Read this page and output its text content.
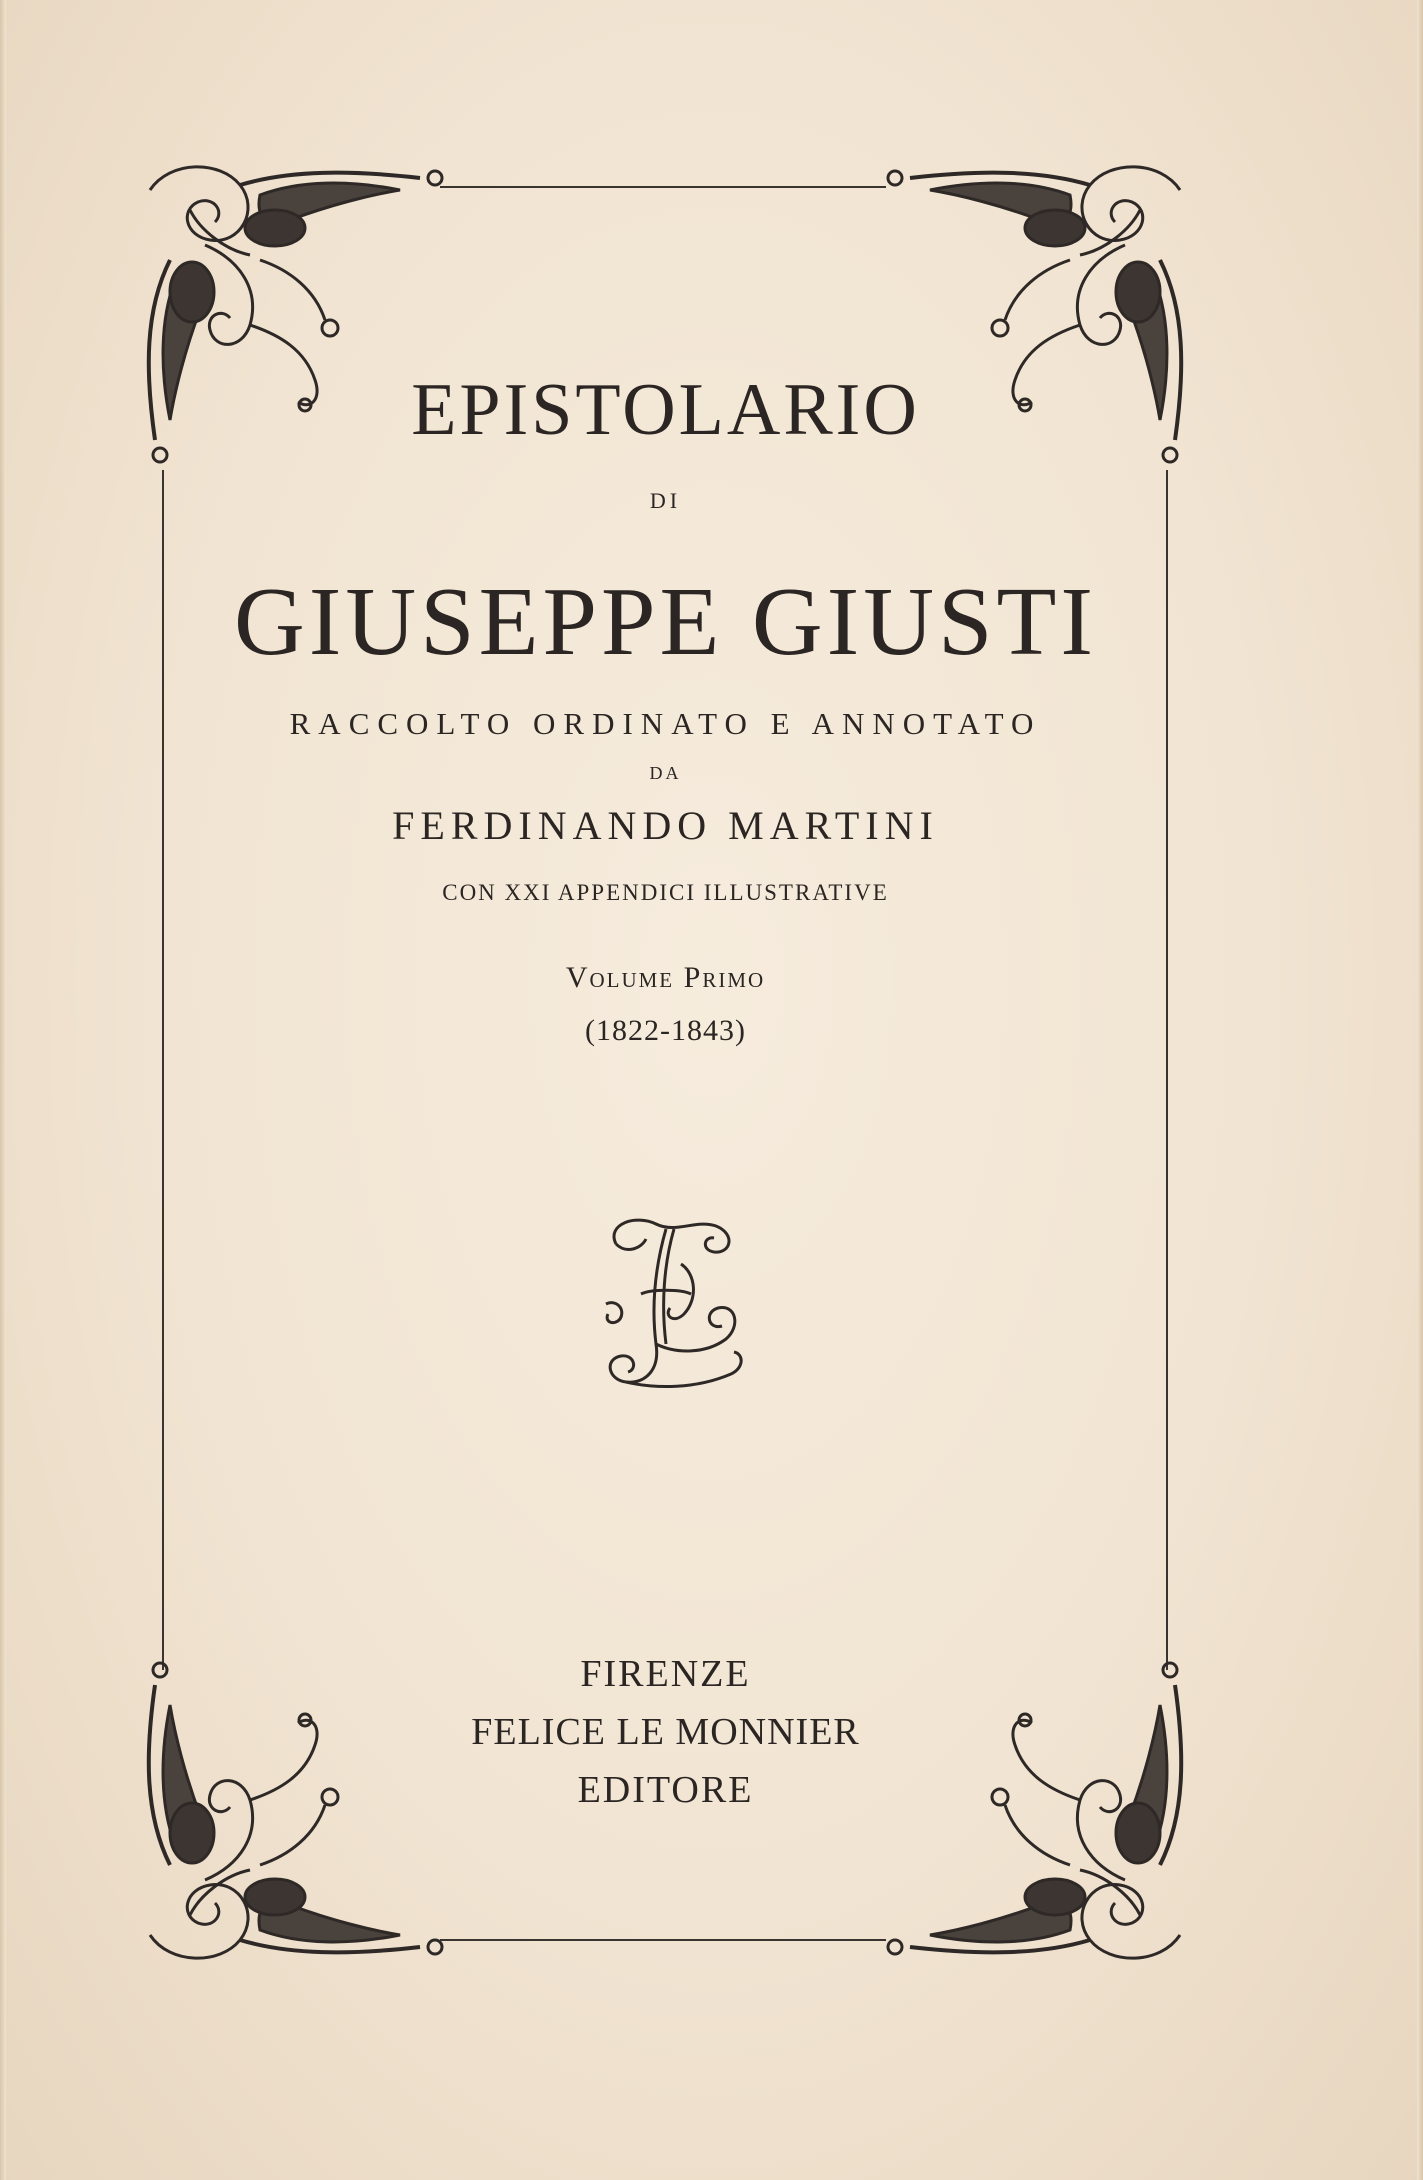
EPISTOLARIO
DI
GIUSEPPE GIUSTI
RACCOLTO ORDINATO E ANNOTATO
DA
FERDINANDO MARTINI
CON XXI APPENDICI ILLUSTRATIVE
Volume Primo
(1822-1843)
FIRENZE
FELICE LE MONNIER
EDITORE
